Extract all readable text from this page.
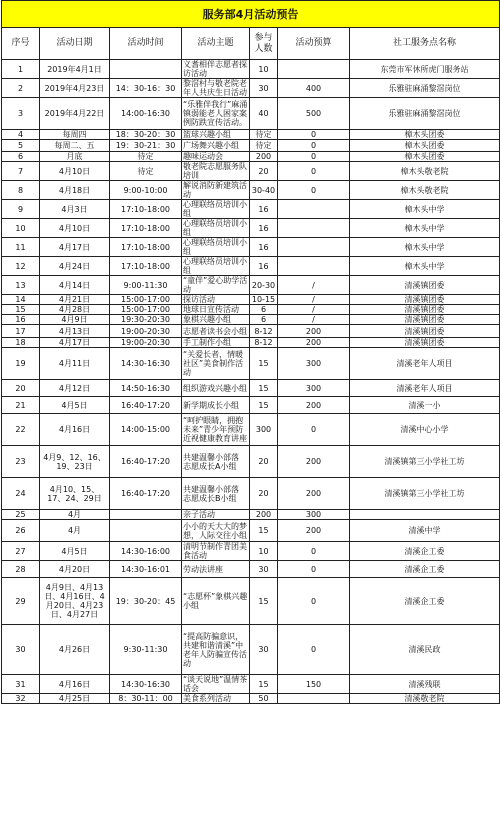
服务部4月活动预告						
序号	活动日期	活动时间	活动主题	参与人数	活动预算	社工服务点名称
1	2019年4月1日		义耆相伴志愿者探访活动	10		东莞市军休所虎门服务站
2	2019年4月23日	14：30-16：30	黎滘村与敬老院老年人共庆生日活动	30	400	乐雅驻麻涌黎滘岗位
3	2019年4月22日	14:00-16:30	“乐雅伴我行”麻涌镇弱能老人困家案例防跌宣传活动。	40	500	乐雅驻麻涌黎滘岗位
4	每周四	18：30-20：30	篮球兴趣小组	待定	0	樟木头团委
5	每周二、五	19：30-21：30	广场舞兴趣小组	待定	0	樟木头团委
6	月底	待定	趣味运动会	200	0	樟木头团委
7	4月10日	待定	敬老院志愿服务队培训	20	0	樟木头敬老院
8	4月18日	9:00-10:00	解说消防新建筑活动	30-40	0	樟木头敬老院
9	4月3日	17:10-18:00	心理联络员培训小组	16		樟木头中学
10	4月10日	17:10-18:00	心理联络员培训小组	16		樟木头中学
11	4月17日	17:10-18:00	心理联络员培训小组	16		樟木头中学
12	4月24日	17:10-18:00	心理联络员培训小组	16		樟木头中学
13	4月14日	9:00-11:30	“童伴”爱心助学活动	20-30	/	清溪镇团委
14	4月21日	15:00-17:00	探访活动	10-15	/	清溪镇团委
15	4月28日	15:00-17:00	地球日宣传活动	6	/	清溪镇团委
16	4月9日	19:30-20:30	象棋兴趣小组	6	/	清溪镇团委
17	4月13日	19:00-20:30	志愿者读书会小组	8-12	200	清溪镇团委
18	4月17日	19:00-20:30	手工制作小组	8-12	200	清溪镇团委
19	4月11日	14:30-16:30	“关爱长者，情暖社区”美食制作活动	15	300	清溪老年人项目
20	4月12日	14:50-16:30	组织游戏兴趣小组	15	300	清溪老年人项目
21	4月5日	16:40-17:20	新学期成长小组	15	200	清溪一小
22	4月16日	14:00-15:00	“呵护眼睛，拥抱未来”青少年预防近视健康教育讲座	300	0	清溪中心小学
23	4月9、12、16、19、23日	16:40-17:20	共建温馨小部落 志愿成长A小组	20	200	清溪镇第三小学社工坊
24	4月10、15、17、24、29日	16:40-17:20	共建温馨小部落 志愿成长B小组	20	200	清溪镇第三小学社工坊
25	4月		亲子活动	200	300	
26	4月		小小的天大大的梦想，人际交往小组	15	200	清溪中学
27	4月5日	14:30-16:00	清明节制作青团美食活动	10	0	清溪企工委
28	4月20日	14:30-16:01	劳动法讲座	30	0	清溪企工委
29	4月9日、4月13日、4月16日、4月20日、4月23日、4月27日	19：30-20：45	“志愿杯”象棋兴趣小组	15	0	清溪企工委
30	4月26日	9:30-11:30	“提高防骗意识，共建和谐清溪”中老年人防骗宣传活动	30	0	清溪民政
31	4月16日	14:30-16:30	“谈天说地”温情茶话会	15	150	清溪残联
32	4月25日	8：30-11：00	美食系列活动	50		清溪敬老院
